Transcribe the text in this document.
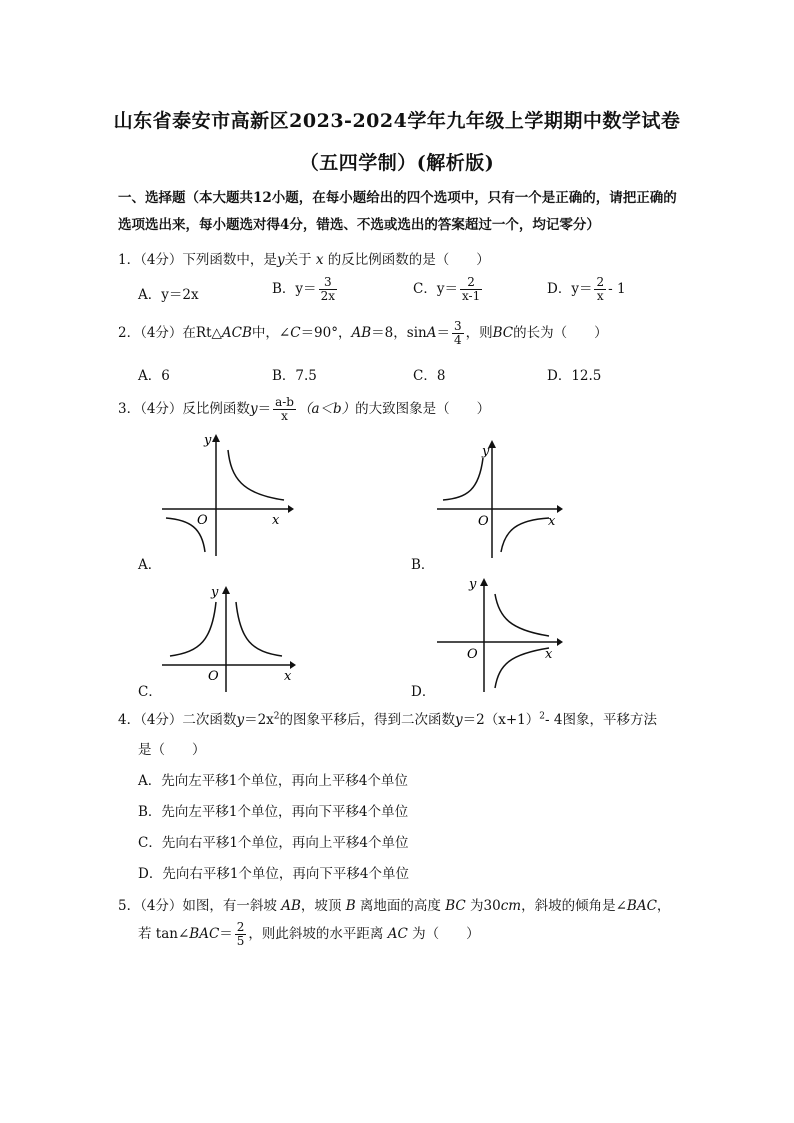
山东省泰安市高新区2023-2024学年九年级上学期期中数学试卷
（五四学制）(解析版)
一、选择题（本大题共12小题，在每小题给出的四个选项中，只有一个是正确的，请把正确的选项选出来，每小题选对得4分，错选、不选或选出的答案超过一个，均记零分）
1．（4分）下列函数中，是y关于 x 的反比例函数的是（　　）
A．y＝2x	B．$y= \frac{3}{2x}$	C．$y= \frac{2}{x-1}$	D．$y= \frac{2}{x} - 1$
2．（4分）在Rt△ACB中，∠C＝90°，AB＝8，$\sin A= \frac{3}{4}$ ，则BC的长为（　　）
A．6	B．7.5	C．8	D．12.5
3．（4分）反比例函数$y= \frac{a-b}{x} (a<b)$的大致图象是（　　）
O	x
y
A．
O	x
y
B．
O	x
y
C．
O	x
y
D．
4．（4分）二次函数$y=2x^2$的图象平移后，得到二次函数$y=2(x+1)^2-$ 4图象，平移方法
是（　　）
A．先向左平移1个单位，再向上平移4个单位
B．先向左平移1个单位，再向下平移4个单位
C．先向右平移1个单位，再向上平移4个单位
D．先向右平移1个单位，再向下平移4个单位
5．（4分）如图，有一斜坡 AB，坡顶 B 离地面的高度 BC 为30cm，斜坡的倾角是∠BAC，
若 tan∠BAC＝ $\frac{2}{5}$ ，则此斜坡的水平距离 AC 为（　　）
